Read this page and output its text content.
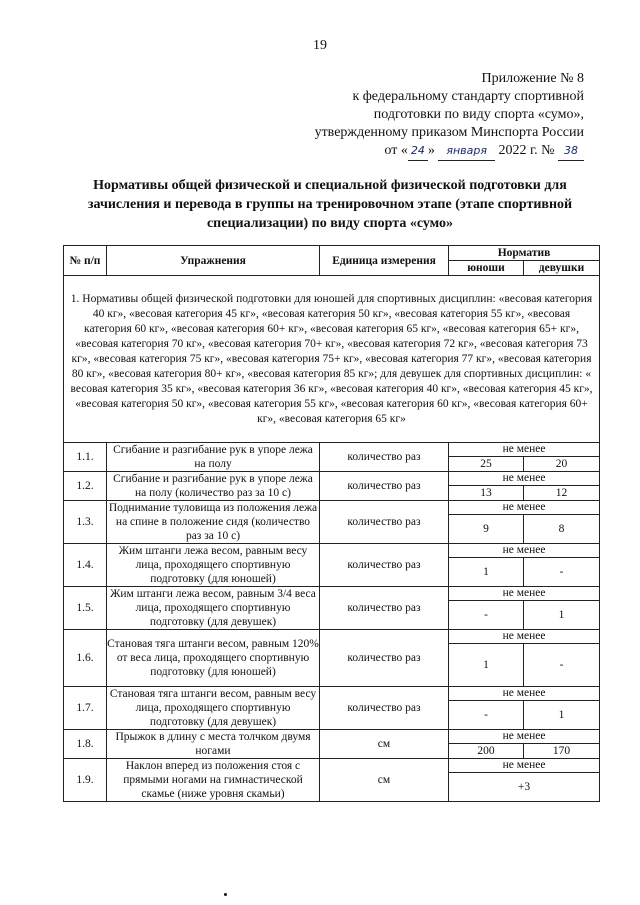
19
Приложение № 8
к федеральному стандарту спортивной
подготовки по виду спорта «сумо»,
утвержденному приказом Минспорта России
от « 24 » января 2022 г. № 38
Нормативы общей физической и специальной физической подготовки для зачисления и перевода в группы на тренировочном этапе (этапе спортивной специализации) по виду спорта «сумо»
№ п/п	Упражнения	Единица измерения	Норматив	
			юноши	девушки
1. Нормативы общей физической подготовки для юношей для спортивных дисциплин: «весовая категория 40 кг», «весовая категория 45 кг», «весовая категория 50 кг», «весовая категория 55 кг», «весовая категория 60 кг», «весовая категория 60+ кг», «весовая категория 65 кг», «весовая категория 65+ кг», «весовая категория 70 кг», «весовая категория 70+ кг», «весовая категория 72 кг», «весовая категория 73 кг», «весовая категория 75 кг», «весовая категория 75+ кг», «весовая категория 77 кг», «весовая категория 80 кг», «весовая категория 80+ кг», «весовая категория 85 кг»; для девушек для спортивных дисциплин: « весовая категория 35 кг», «весовая категория 36 кг», «весовая категория 40 кг», «весовая категория 45 кг», «весовая категория 50 кг», «весовая категория 55 кг», «весовая категория 60 кг», «весовая категория 60+ кг», «весовая категория 65 кг»				
1.1.	Сгибание и разгибание рук в упоре лежа на полу	количество раз	не менее	
			25	20
1.2.	Сгибание и разгибание рук в упоре лежа на полу (количество раз за 10 с)	количество раз	не менее	
			13	12
1.3.	Поднимание туловища из положения лежа на спине в положение сидя (количество раз за 10 с)	количество раз	не менее	
			9	8
1.4.	Жим штанги лежа весом, равным весу лица, проходящего спортивную подготовку (для юношей)	количество раз	не менее	
			1	-
1.5.	Жим штанги лежа весом, равным 3/4 веса лица, проходящего спортивную подготовку (для девушек)	количество раз	не менее	
			-	1
1.6.	Становая тяга штанги весом, равным 120% от веса лица, проходящего спортивную подготовку (для юношей)	количество раз	не менее	
			1	-
1.7.	Становая тяга штанги весом, равным весу лица, проходящего спортивную подготовку (для девушек)	количество раз	не менее	
			-	1
1.8.	Прыжок в длину с места толчком двумя ногами	см	не менее	
			200	170
1.9.	Наклон вперед из положения стоя с прямыми ногами на гимнастической скамье (ниже уровня скамьи)	см	не менее	
			+3	
